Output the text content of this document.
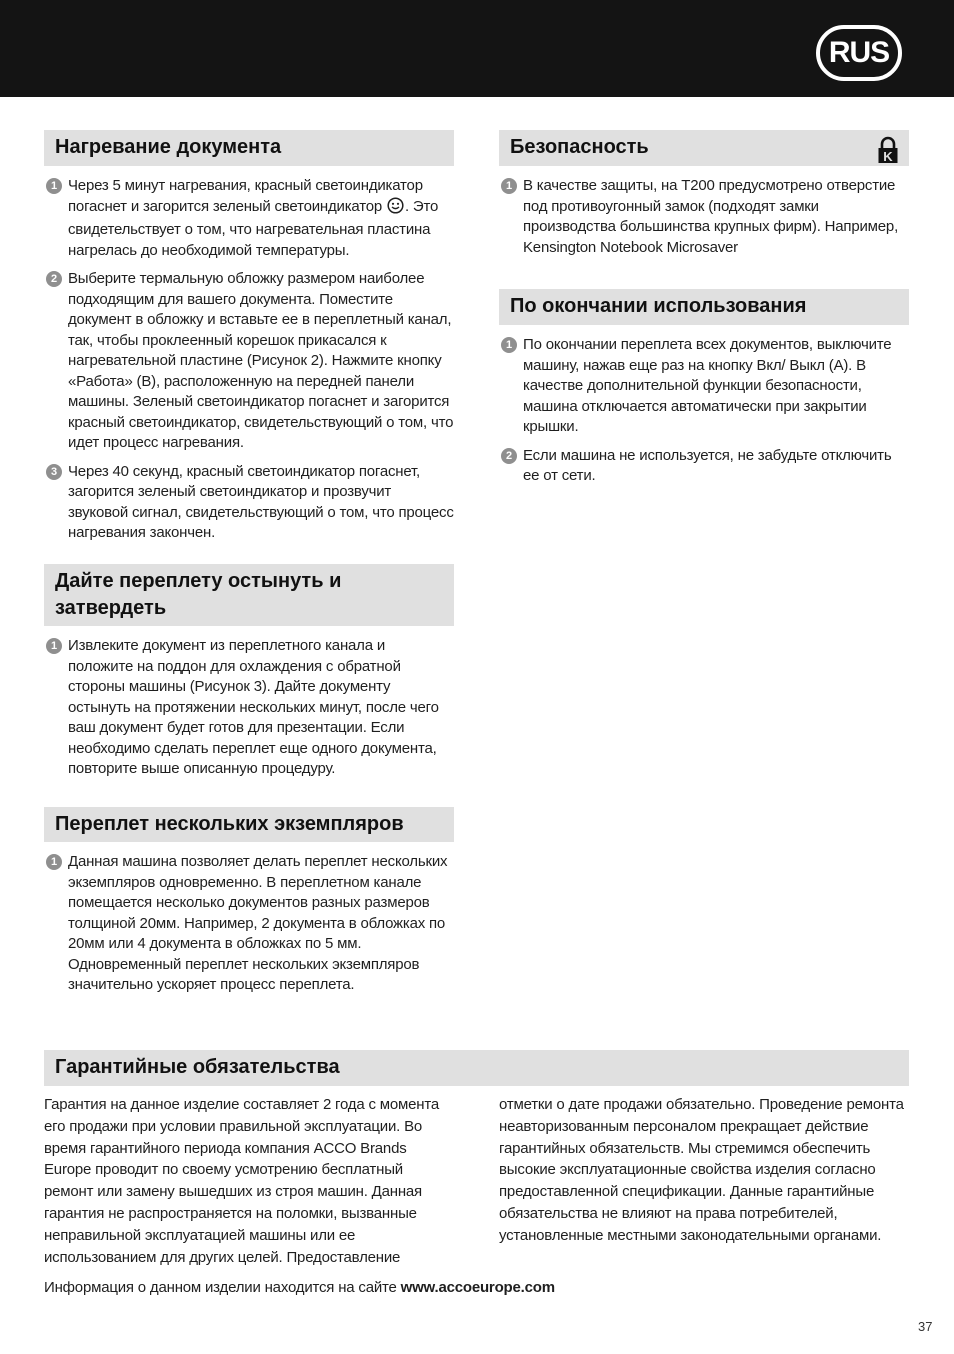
RUS
Нагревание документа
1 Через 5 минут нагревания, красный светоиндикатор погаснет и загорится зеленый светоиндикатор . Это свидетельствует о том, что нагревательная пластина нагрелась до необходимой температуры.
2 Выберите термальную обложку размером наиболее подходящим для вашего документа. Поместите документ в обложку и вставьте ее в переплетный канал, так, чтобы проклеенный корешок прикасался к нагревательной пластине (Рисунок 2). Нажмите кнопку «Работа» (B), расположенную на передней панели машины. Зеленый светоиндикатор погаснет и загорится красный светоиндикатор, свидетельствующий о том, что идет процесс нагревания.
3 Через 40 секунд, красный светоиндикатор погаснет, загорится зеленый светоиндикатор и прозвучит звуковой сигнал, свидетельствующий о том, что процесс нагревания закончен.
Дайте переплету остынуть и затвердеть
1 Извлеките документ из переплетного канала и положите на поддон для охлаждения с обратной стороны машины (Рисунок 3). Дайте документу остынуть на протяжении нескольких минут, после чего ваш документ будет готов для презентации. Если необходимо сделать переплет еще одного документа, повторите выше описанную процедуру.
Переплет нескольких экземпляров
1 Данная машина позволяет делать переплет нескольких экземпляров одновременно. В переплетном канале помещается несколько документов разных размеров толщиной 20мм. Например, 2 документа в обложках по 20мм или 4 документа в обложках по 5 мм. Одновременный переплет нескольких экземпляров значительно ускоряет процесс переплета.
Безопасность	K
1 В качестве защиты, на T200 предусмотрено отверстие под противоугонный замок (подходят замки производства большинства крупных фирм). Например, Kensington Notebook Microsaver
По окончании использования
1 По окончании переплета всех документов, выключите машину, нажав еще раз на кнопку Вкл/ Выкл (A). В качестве дополнительной функции безопасности, машина отключается автоматически при закрытии крышки.
2 Если машина не используется, не забудьте отключить ее от сети.
Гарантийные обязательства
Гарантия на данное изделие составляет 2 года с момента его продажи при условии правильной эксплуатации. Во время гарантийного периода компания ACCO Brands Europe проводит по своему усмотрению бесплатный ремонт или замену вышедших из строя машин. Данная гарантия не распространяется на поломки, вызванные неправильной эксплуатацией машины или ее использованием для других целей. Предоставление
отметки о дате продажи обязательно. Проведение ремонта неавторизованным персоналом прекращает действие гарантийных обязательств. Мы стремимся обеспечить высокие эксплуатационные свойства изделия согласно предоставленной спецификации. Данные гарантийные обязательства не влияют на права потребителей, установленные местными законодательными органами.
Информация о данном изделии находится на сайте www.accoeurope.com
37
